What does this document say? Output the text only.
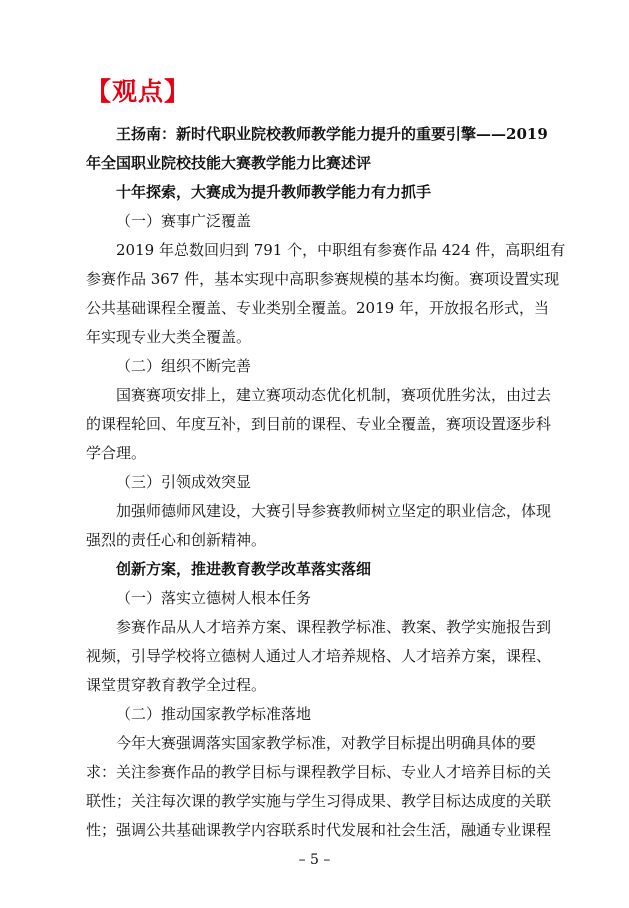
【观点】
王扬南：新时代职业院校教师教学能力提升的重要引擎——2019
年全国职业院校技能大赛教学能力比赛述评
十年探索，大赛成为提升教师教学能力有力抓手
（一）赛事广泛覆盖
2019 年总数回归到 791 个，中职组有参赛作品 424 件，高职组有
参赛作品 367 件，基本实现中高职参赛规模的基本均衡。赛项设置实现
公共基础课程全覆盖、专业类别全覆盖。2019 年，开放报名形式，当
年实现专业大类全覆盖。
（二）组织不断完善
国赛赛项安排上，建立赛项动态优化机制，赛项优胜劣汰，由过去
的课程轮回、年度互补，到目前的课程、专业全覆盖，赛项设置逐步科
学合理。
（三）引领成效突显
加强师德师风建设，大赛引导参赛教师树立坚定的职业信念，体现
强烈的责任心和创新精神。
创新方案，推进教育教学改革落实落细
（一）落实立德树人根本任务
参赛作品从人才培养方案、课程教学标准、教案、教学实施报告到
视频，引导学校将立德树人通过人才培养规格、人才培养方案，课程、
课堂贯穿教育教学全过程。
（二）推动国家教学标准落地
今年大赛强调落实国家教学标准，对教学目标提出明确具体的要
求：关注参赛作品的教学目标与课程教学目标、专业人才培养目标的关
联性；关注每次课的教学实施与学生习得成果、教学目标达成度的关联
性；强调公共基础课教学内容联系时代发展和社会生活，融通专业课程
– 5 –
